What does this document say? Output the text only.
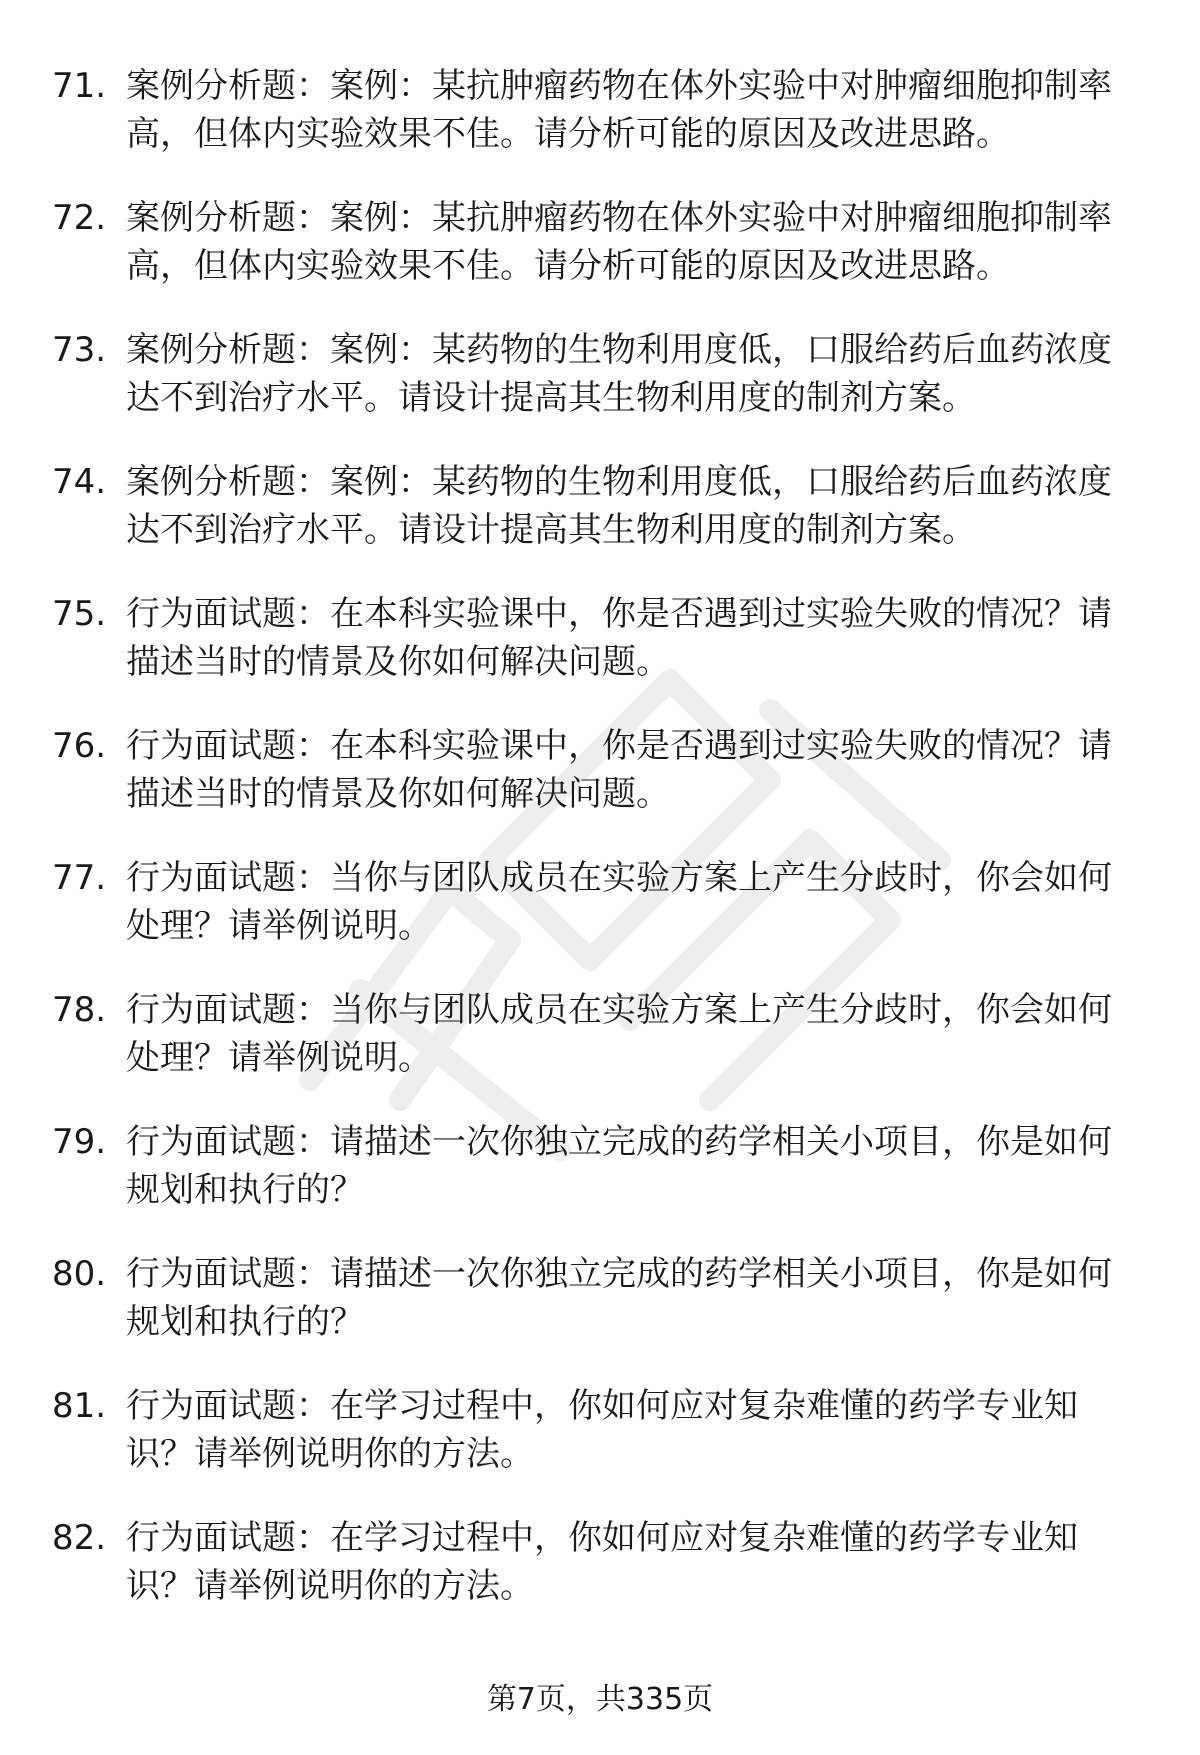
71. 案例分析题：案例：某抗肿瘤药物在体外实验中对肿瘤细胞抑制率高，但体内实验效果不佳。请分析可能的原因及改进思路。
72. 案例分析题：案例：某抗肿瘤药物在体外实验中对肿瘤细胞抑制率高，但体内实验效果不佳。请分析可能的原因及改进思路。
73. 案例分析题：案例：某药物的生物利用度低，口服给药后血药浓度达不到治疗水平。请设计提高其生物利用度的制剂方案。
74. 案例分析题：案例：某药物的生物利用度低，口服给药后血药浓度达不到治疗水平。请设计提高其生物利用度的制剂方案。
75. 行为面试题：在本科实验课中，你是否遇到过实验失败的情况？请描述当时的情景及你如何解决问题。
76. 行为面试题：在本科实验课中，你是否遇到过实验失败的情况？请描述当时的情景及你如何解决问题。
77. 行为面试题：当你与团队成员在实验方案上产生分歧时，你会如何处理？请举例说明。
78. 行为面试题：当你与团队成员在实验方案上产生分歧时，你会如何处理？请举例说明。
79. 行为面试题：请描述一次你独立完成的药学相关小项目，你是如何规划和执行的？
80. 行为面试题：请描述一次你独立完成的药学相关小项目，你是如何规划和执行的？
81. 行为面试题：在学习过程中，你如何应对复杂难懂的药学专业知识？请举例说明你的方法。
82. 行为面试题：在学习过程中，你如何应对复杂难懂的药学专业知识？请举例说明你的方法。
第7页，共335页
